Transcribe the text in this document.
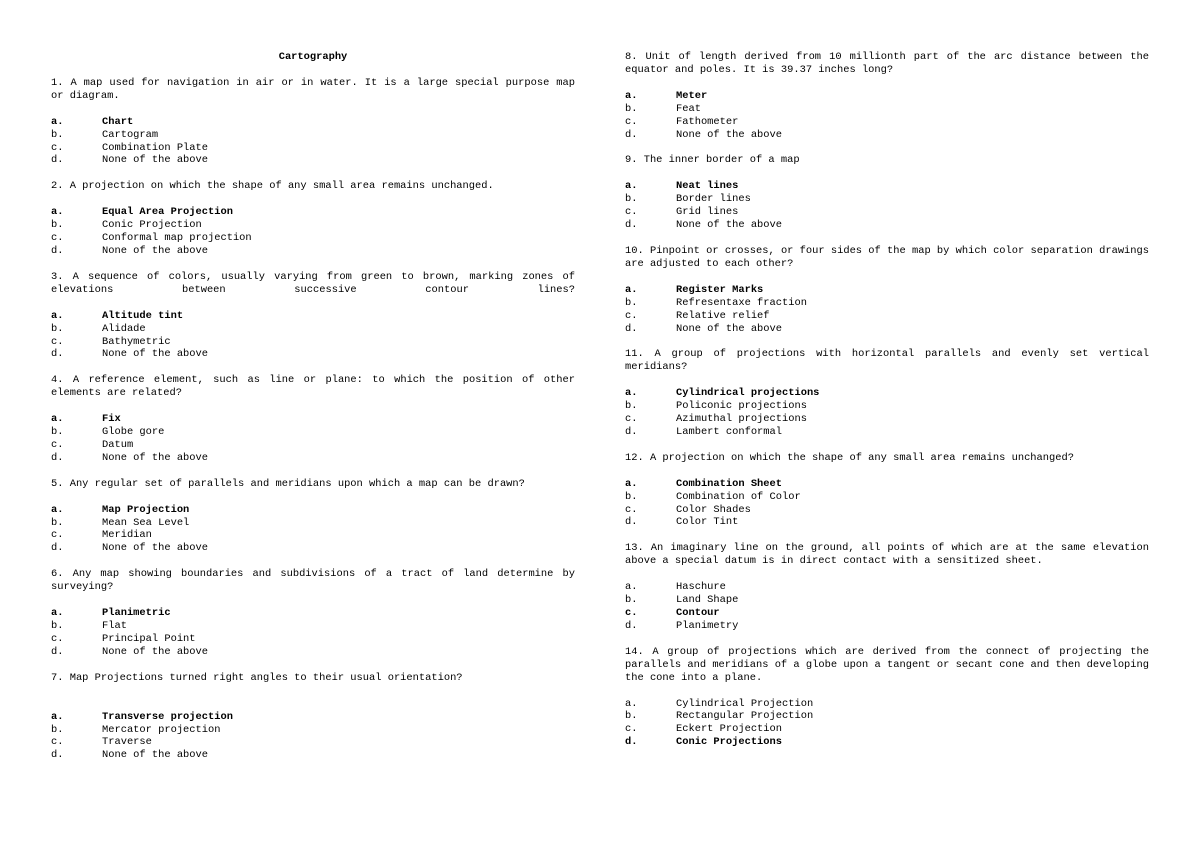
Cartography

1. A map used for navigation in air or in water. It is a large special purpose map or diagram.

a.	Chart
b.	Cartogram
c.	Combination Plate
d.	None of the above

2. A projection on which the shape of any small area remains unchanged.

a.	Equal Area Projection
b.	Conic Projection
c.	Conformal map projection
d.	None of the above

3. A sequence of colors, usually varying from green to brown, marking zones of elevations between successive contour lines?

a.	Altitude tint
b.	Alidade
c.	Bathymetric
d.	None of the above

4. A reference element, such as line or plane: to which the position of other elements are related?

a.	Fix
b.	Globe gore
c.	Datum
d.	None of the above

5. Any regular set of parallels and meridians upon which a map can be drawn?

a.	Map Projection
b.	Mean Sea Level
c.	Meridian
d.	None of the above

6. Any map showing boundaries and subdivisions of a tract of land determine by surveying?

a.	Planimetric
b.	Flat
c.	Principal Point
d.	None of the above

7. Map Projections turned right angles to their usual orientation?

a.	Transverse projection
b.	Mercator projection
c.	Traverse
d.	None of the above

8. Unit of length derived from 10 millionth part of the arc distance between the equator and poles. It is 39.37 inches long?

a.	Meter
b.	Feat
c.	Fathometer
d.	None of the above

9. The inner border of a map

a.	Neat lines
b.	Border lines
c.	Grid lines
d.	None of the above

10. Pinpoint or crosses, or four sides of the map by which color separation drawings are adjusted to each other?

a.	Register Marks
b.	Refresentaxe fraction
c.	Relative relief
d.	None of the above

11. A group of projections with horizontal parallels and evenly set vertical meridians?

a.	Cylindrical projections
b.	Policonic projections
c.	Azimuthal projections
d.	Lambert conformal

12. A projection on which the shape of any small area remains unchanged?

a.	Combination Sheet
b.	Combination of Color
c.	Color Shades
d.	Color Tint

13. An imaginary line on the ground, all points of which are at the same elevation above a special datum is in direct contact with a sensitized sheet.

a.	Haschure
b.	Land Shape
c.	Contour
d.	Planimetry

14. A group of projections which are derived from the connect of projecting the parallels and meridians of a globe upon a tangent or secant cone and then developing the cone into a plane.

a.	Cylindrical Projection
b.	Rectangular Projection
c.	Eckert Projection
d.	Conic Projections
